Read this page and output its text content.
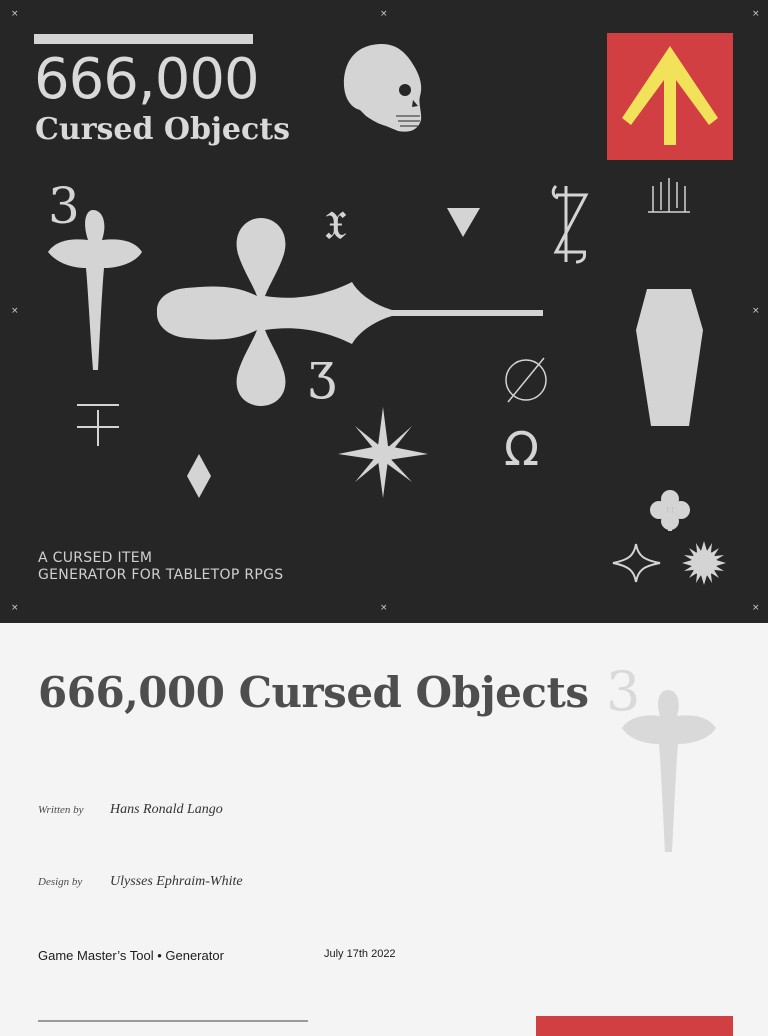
666,000
Cursed Objects
3	𝔵
ʒ
Ω
A CURSED ITEM
GENERATOR FOR TABLETOP RPGS
×	×	×
×	×
×	×	×
666,000 Cursed Objects 3
Written by Hans Ronald Lango
Design by Ulysses Ephraim-White
Game Master’s Tool • Generator	July 17th 2022
